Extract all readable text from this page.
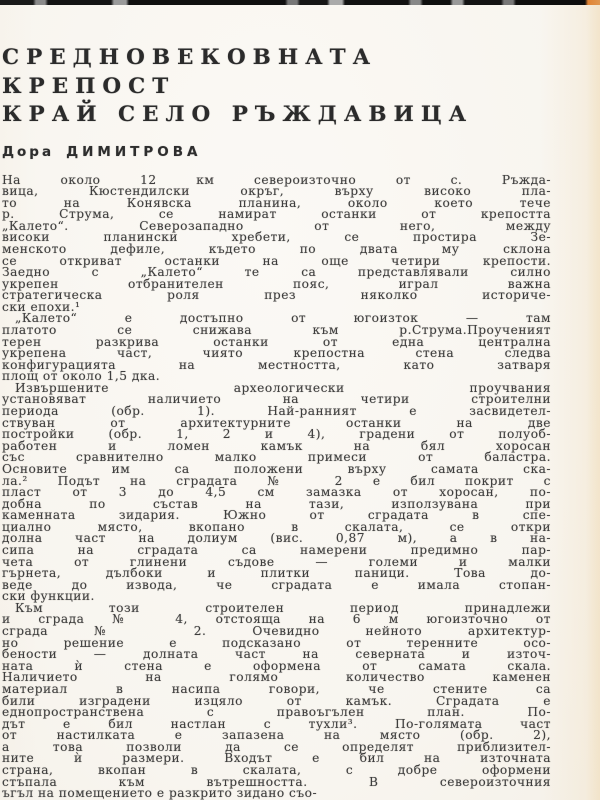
СРЕДНОВЕКОВНАТА
КРЕПОСТ
КРАЙ СЕЛО РЪЖДАВИЦА
Дора ДИМИТРОВА
На около 12 км североизточно от с. Ръжда-
вица, Кюстендилски окръг, върху високо пла-
то на Конявска планина, около което тече
р. Струма, се намират останки от крепостта
„Калето“. Северозападно от него, между
високи планински хребети, се простира Зе-
менското дефиле, където по двата му склона
се откриват останки на още четири крепости.
Заедно с „Калето“ те са представлявали силно
укрепен отбранителен пояс, играл важна
стратегическа роля през няколко историче-
ски епохи.¹
„Калето“ е достъпно от югоизток — там
платото се снижава към р.Струма.Проученият
терен разкрива останки от една централна
укрепена част, чиято крепостна стена следва
конфигурацията на местността, като затваря
площ от около 1,5 дка.
Извършените археологически проучвания
установяват наличието на четири строителни
периода (обр. 1). Най-ранният е засвидетел-
ствуван от архитектурните останки на две
постройки (обр. 1, 2 и 4), градени от полуоб-
работен и ломен камък на бял хоросан
със сравнително малко примеси от баластра.
Основите им са положени върху самата ска-
ла.² Подът на сградата № 2 е бил покрит с
пласт от 3 до 4,5 см замазка от хоросан, по-
добна по състав на тази, използувана при
каменната зидария. Южно от сградата в спе-
циално място, вкопано в скалата, се откри
долна част на долиум (вис. 0,87 м), а в на-
сипа на сградата са намерени предимно пар-
чета от глинени съдове — големи и малки
гърнета, дълбоки и плитки паници. Това до-
веде до извода, че сградата е имала стопан-
ски функции.
Към този строителен период принадлежи
и сграда № 4, отстояща на 6 м югоизточно от
сграда № 2. Очевидно нейното архитектур-
но решение е подсказано от теренните осо-
бености — долната част на северната и източ-
ната ѝ стена е оформена от самата скала.
Наличието на голямо количество каменен
материал в насипа говори, че стените са
били изградени изцяло от камък. Сградата е
еднопространствена с правоъгълен план. По-
дът е бил настлан с тухли³. По-голямата част
от настилката е запазена на място (обр. 2),
а това позволи да се определят приблизител-
ните ѝ размери. Входът е бил на източната
страна, вкопан в скалата, с добре оформени
стъпала към вътрешността. В североизточния
ъгъл на помещението е разкрито зидано съо-
